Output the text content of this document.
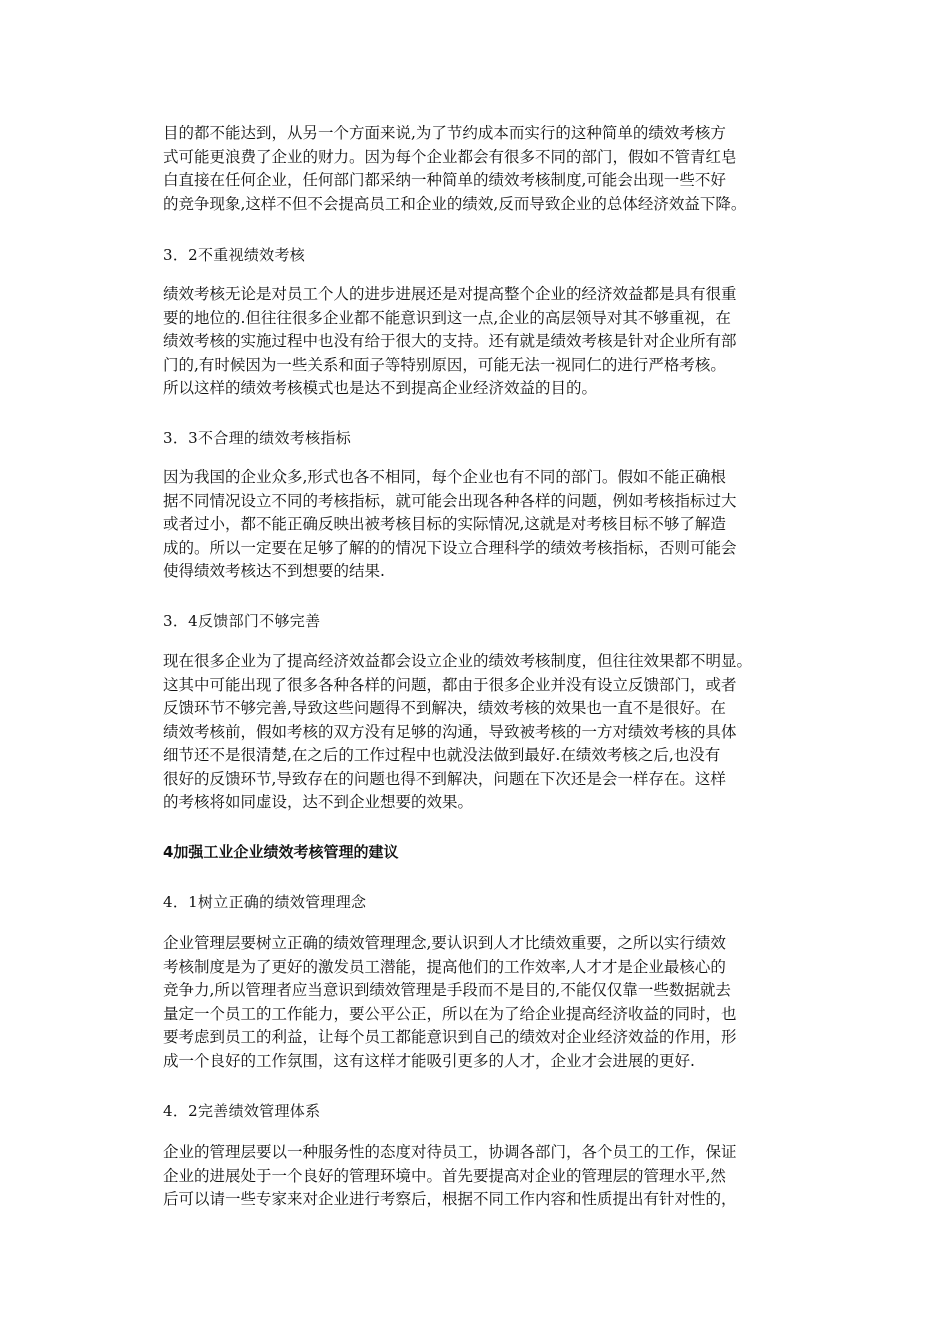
目的都不能达到，从另一个方面来说,为了节约成本而实行的这种简单的绩效考核方
式可能更浪费了企业的财力。因为每个企业都会有很多不同的部门，假如不管青红皂
白直接在任何企业，任何部门都采纳一种简单的绩效考核制度,可能会出现一些不好
的竞争现象,这样不但不会提高员工和企业的绩效,反而导致企业的总体经济效益下降。
3．2不重视绩效考核
绩效考核无论是对员工个人的进步进展还是对提高整个企业的经济效益都是具有很重
要的地位的.但往往很多企业都不能意识到这一点,企业的高层领导对其不够重视，在
绩效考核的实施过程中也没有给于很大的支持。还有就是绩效考核是针对企业所有部
门的,有时候因为一些关系和面子等特别原因，可能无法一视同仁的进行严格考核。
所以这样的绩效考核模式也是达不到提高企业经济效益的目的。
3．3不合理的绩效考核指标
因为我国的企业众多,形式也各不相同，每个企业也有不同的部门。假如不能正确根
据不同情况设立不同的考核指标，就可能会出现各种各样的问题，例如考核指标过大
或者过小，都不能正确反映出被考核目标的实际情况,这就是对考核目标不够了解造
成的。所以一定要在足够了解的的情况下设立合理科学的绩效考核指标，否则可能会
使得绩效考核达不到想要的结果.
3．4反馈部门不够完善
现在很多企业为了提高经济效益都会设立企业的绩效考核制度，但往往效果都不明显。
这其中可能出现了很多各种各样的问题，都由于很多企业并没有设立反馈部门，或者
反馈环节不够完善,导致这些问题得不到解决，绩效考核的效果也一直不是很好。在
绩效考核前，假如考核的双方没有足够的沟通，导致被考核的一方对绩效考核的具体
细节还不是很清楚,在之后的工作过程中也就没法做到最好.在绩效考核之后,也没有
很好的反馈环节,导致存在的问题也得不到解决，问题在下次还是会一样存在。这样
的考核将如同虚设，达不到企业想要的效果。
4加强工业企业绩效考核管理的建议
4．1树立正确的绩效管理理念
企业管理层要树立正确的绩效管理理念,要认识到人才比绩效重要，之所以实行绩效
考核制度是为了更好的激发员工潜能，提高他们的工作效率,人才才是企业最核心的
竞争力,所以管理者应当意识到绩效管理是手段而不是目的,不能仅仅靠一些数据就去
量定一个员工的工作能力，要公平公正，所以在为了给企业提高经济收益的同时，也
要考虑到员工的利益，让每个员工都能意识到自己的绩效对企业经济效益的作用，形
成一个良好的工作氛围，这有这样才能吸引更多的人才，企业才会进展的更好.
4．2完善绩效管理体系
企业的管理层要以一种服务性的态度对待员工，协调各部门，各个员工的工作，保证
企业的进展处于一个良好的管理环境中。首先要提高对企业的管理层的管理水平,然
后可以请一些专家来对企业进行考察后，根据不同工作内容和性质提出有针对性的，
